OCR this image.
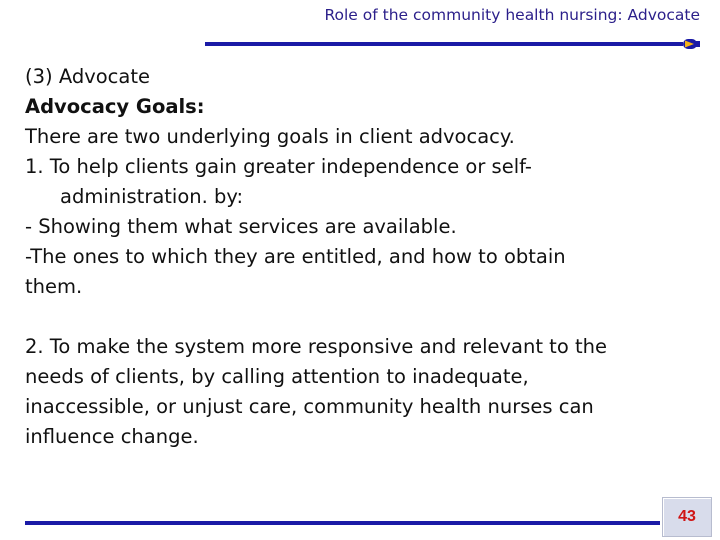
Role of the community health nursing: Advocate

(3) Advocate

Advocacy Goals:

There are two underlying goals in client advocacy.

1. To help clients gain greater independence or self-

administration. by:

- Showing them what services are available.

-The ones to which they are entitled, and how to obtain

them.

2. To make the system more responsive and relevant to the

needs of clients, by calling attention to inadequate,

inaccessible, or unjust care, community health nurses can

influence change.

43
